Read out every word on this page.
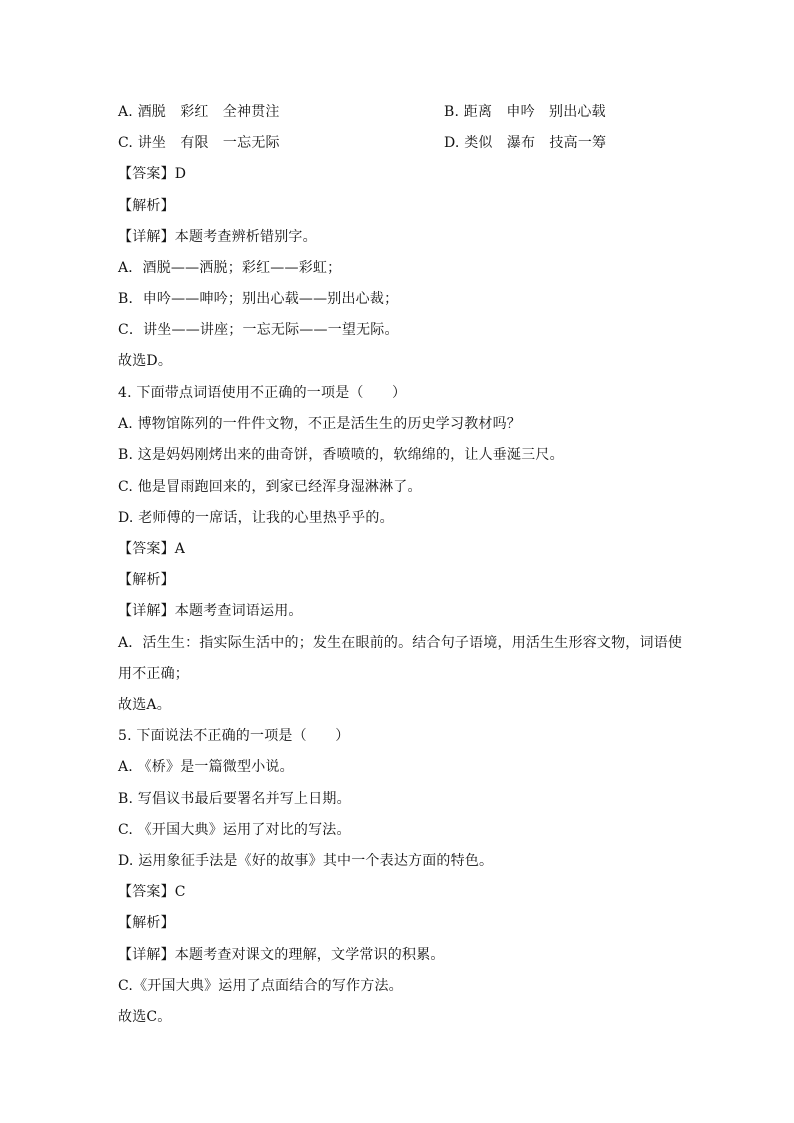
A. 酒脱　彩红　全神贯注	B. 距离　申吟　别出心载
C. 讲坐　有限　一忘无际	D. 类似　瀑布　技高一筹
【答案】D
【解析】
【详解】本题考查辨析错别字。
A．酒脱——洒脱；彩红——彩虹；
B．申吟——呻吟；别出心载——别出心裁；
C．讲坐——讲座；一忘无际——一望无际。
故选D。
4. 下面带点词语使用不正确的一项是（　　）
A. 博物馆陈列的一件件文物，不正是活生生的历史学习教材吗？
B. 这是妈妈刚烤出来的曲奇饼，香喷喷的，软绵绵的，让人垂涎三尺。
C. 他是冒雨跑回来的，到家已经浑身湿淋淋了。
D. 老师傅的一席话，让我的心里热乎乎的。
【答案】A
【解析】
【详解】本题考查词语运用。
A．活生生：指实际生活中的；发生在眼前的。结合句子语境，用活生生形容文物，词语使
用不正确；
故选A。
5. 下面说法不正确的一项是（　　）
A. 《桥》是一篇微型小说。
B. 写倡议书最后要署名并写上日期。
C. 《开国大典》运用了对比的写法。
D. 运用象征手法是《好的故事》其中一个表达方面的特色。
【答案】C
【解析】
【详解】本题考查对课文的理解，文学常识的积累。
C.《开国大典》运用了点面结合的写作方法。
故选C。
